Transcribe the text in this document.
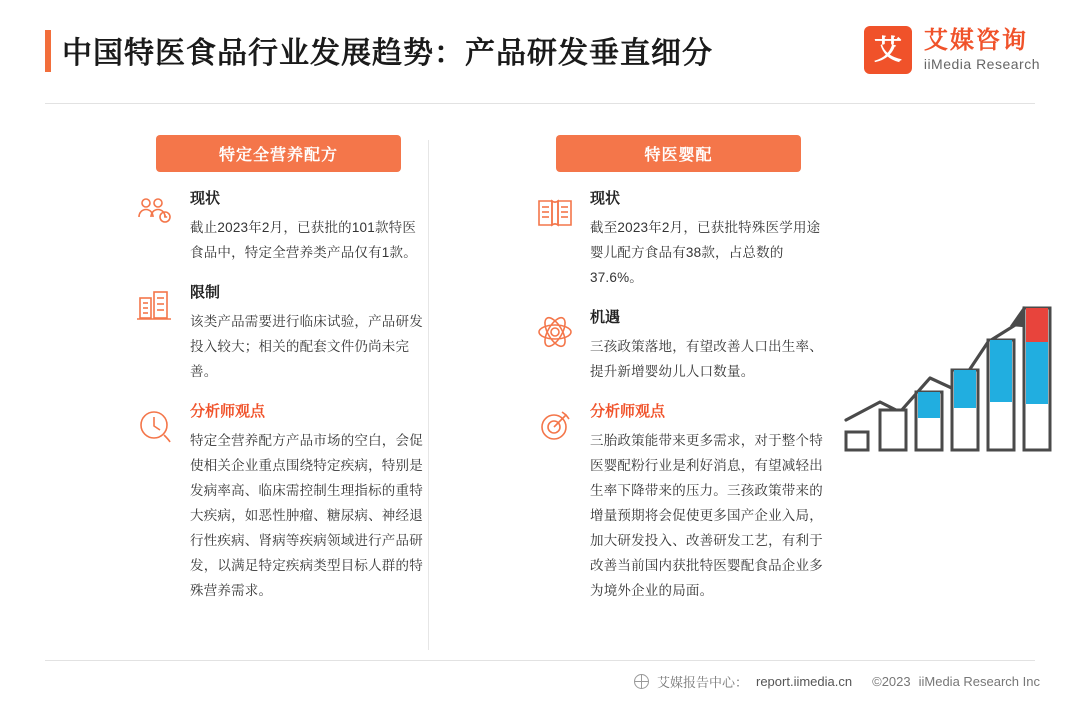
中国特医食品行业发展趋势：产品研发垂直细分	艾 艾媒咨询
iiMedia Research
特定全营养配方
现状
截止2023年2月，已获批的101款特医食品中，特定全营养类产品仅有1款。
限制
该类产品需要进行临床试验，产品研发投入较大；相关的配套文件仍尚未完善。
分析师观点
特定全营养配方产品市场的空白，会促使相关企业重点围绕特定疾病，特别是发病率高、临床需控制生理指标的重特大疾病，如恶性肿瘤、糖尿病、神经退行性疾病、肾病等疾病领域进行产品研发，以满足特定疾病类型目标人群的特殊营养需求。
特医婴配
现状
截至2023年2月，已获批特殊医学用途婴儿配方食品有38款，占总数的37.6%。
机遇
三孩政策落地，有望改善人口出生率、提升新增婴幼儿人口数量。
分析师观点
三胎政策能带来更多需求，对于整个特医婴配粉行业是利好消息，有望减轻出生率下降带来的压力。三孩政策带来的增量预期将会促使更多国产企业入局，加大研发投入、改善研发工艺，有利于改善当前国内获批特医婴配食品企业多为境外企业的局面。
艾媒报告中心： report.iimedia.cn ©2023 iiMedia Research Inc
